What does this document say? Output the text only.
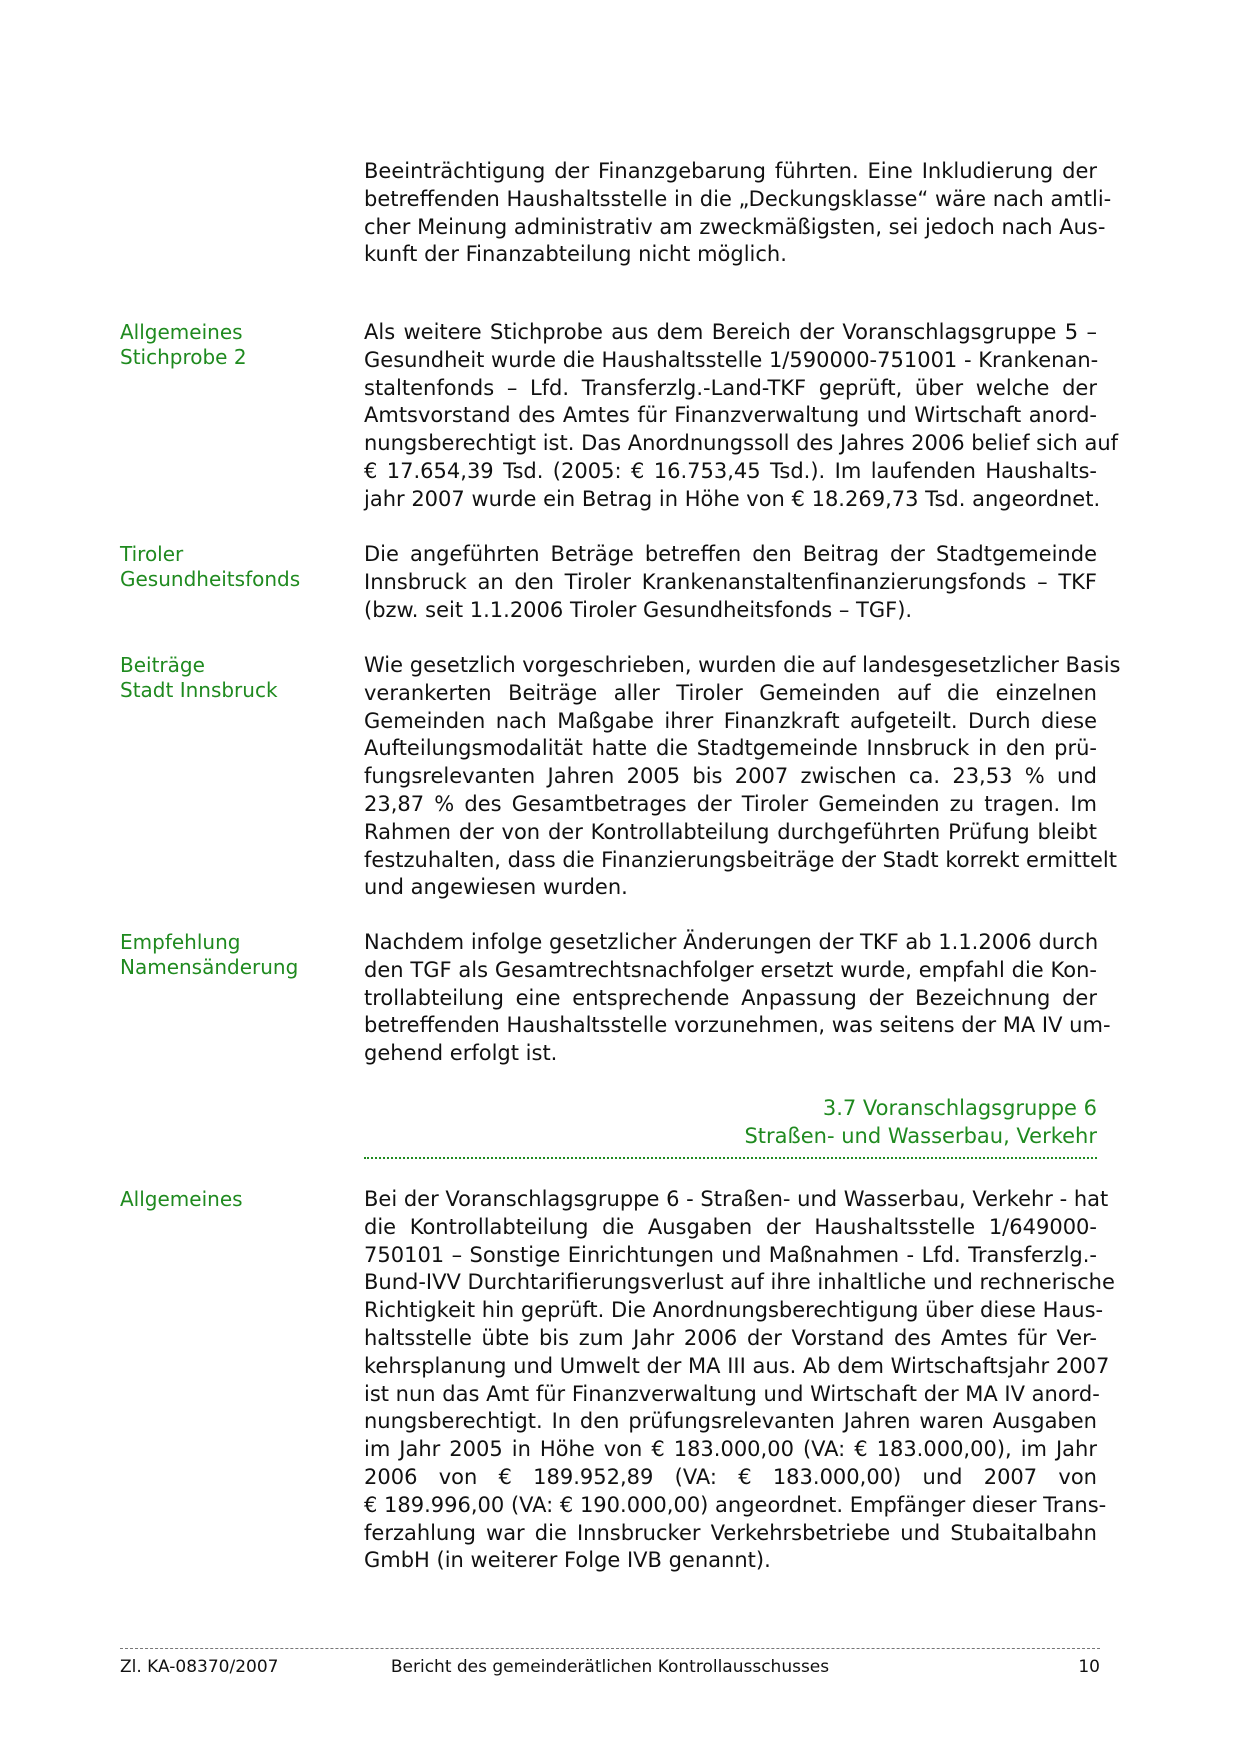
Beeinträchtigung der Finanzgebarung führten. Eine Inkludierung der
betreffenden Haushaltsstelle in die „Deckungsklasse“ wäre nach amtli-
cher Meinung administrativ am zweckmäßigsten, sei jedoch nach Aus-
kunft der Finanzabteilung nicht möglich.
Allgemeines
Stichprobe 2
Als weitere Stichprobe aus dem Bereich der Voranschlagsgruppe 5 –
Gesundheit wurde die Haushaltsstelle 1/590000-751001 - Krankenan-
staltenfonds – Lfd. Transferzlg.-Land-TKF geprüft, über welche der
Amtsvorstand des Amtes für Finanzverwaltung und Wirtschaft anord-
nungsberechtigt ist. Das Anordnungssoll des Jahres 2006 belief sich auf
€ 17.654,39 Tsd. (2005: € 16.753,45 Tsd.). Im laufenden Haushalts-
jahr 2007 wurde ein Betrag in Höhe von € 18.269,73 Tsd. angeordnet.
Tiroler
Gesundheitsfonds
Die angeführten Beträge betreffen den Beitrag der Stadtgemeinde
Innsbruck an den Tiroler Krankenanstaltenfinanzierungsfonds – TKF
(bzw. seit 1.1.2006 Tiroler Gesundheitsfonds – TGF).
Beiträge
Stadt Innsbruck
Wie gesetzlich vorgeschrieben, wurden die auf landesgesetzlicher Basis
verankerten Beiträge aller Tiroler Gemeinden auf die einzelnen
Gemeinden nach Maßgabe ihrer Finanzkraft aufgeteilt. Durch diese
Aufteilungsmodalität hatte die Stadtgemeinde Innsbruck in den prü-
fungsrelevanten Jahren 2005 bis 2007 zwischen ca. 23,53 % und
23,87 % des Gesamtbetrages der Tiroler Gemeinden zu tragen. Im
Rahmen der von der Kontrollabteilung durchgeführten Prüfung bleibt
festzuhalten, dass die Finanzierungsbeiträge der Stadt korrekt ermittelt
und angewiesen wurden.
Empfehlung
Namensänderung
Nachdem infolge gesetzlicher Änderungen der TKF ab 1.1.2006 durch
den TGF als Gesamtrechtsnachfolger ersetzt wurde, empfahl die Kon-
trollabteilung eine entsprechende Anpassung der Bezeichnung der
betreffenden Haushaltsstelle vorzunehmen, was seitens der MA IV um-
gehend erfolgt ist.
3.7 Voranschlagsgruppe 6
Straßen- und Wasserbau, Verkehr
Allgemeines	Bei der Voranschlagsgruppe 6 - Straßen- und Wasserbau, Verkehr - hat
die Kontrollabteilung die Ausgaben der Haushaltsstelle 1/649000-
750101 – Sonstige Einrichtungen und Maßnahmen - Lfd. Transferzlg.-
Bund-IVV Durchtarifierungsverlust auf ihre inhaltliche und rechnerische
Richtigkeit hin geprüft. Die Anordnungsberechtigung über diese Haus-
haltsstelle übte bis zum Jahr 2006 der Vorstand des Amtes für Ver-
kehrsplanung und Umwelt der MA III aus. Ab dem Wirtschaftsjahr 2007
ist nun das Amt für Finanzverwaltung und Wirtschaft der MA IV anord-
nungsberechtigt. In den prüfungsrelevanten Jahren waren Ausgaben
im Jahr 2005 in Höhe von € 183.000,00 (VA: € 183.000,00), im Jahr
2006 von € 189.952,89 (VA: € 183.000,00) und 2007 von
€ 189.996,00 (VA: € 190.000,00) angeordnet. Empfänger dieser Trans-
ferzahlung war die Innsbrucker Verkehrsbetriebe und Stubaitalbahn
GmbH (in weiterer Folge IVB genannt).
Zl. KA-08370/2007	Bericht des gemeinderätlichen Kontrollausschusses	10
